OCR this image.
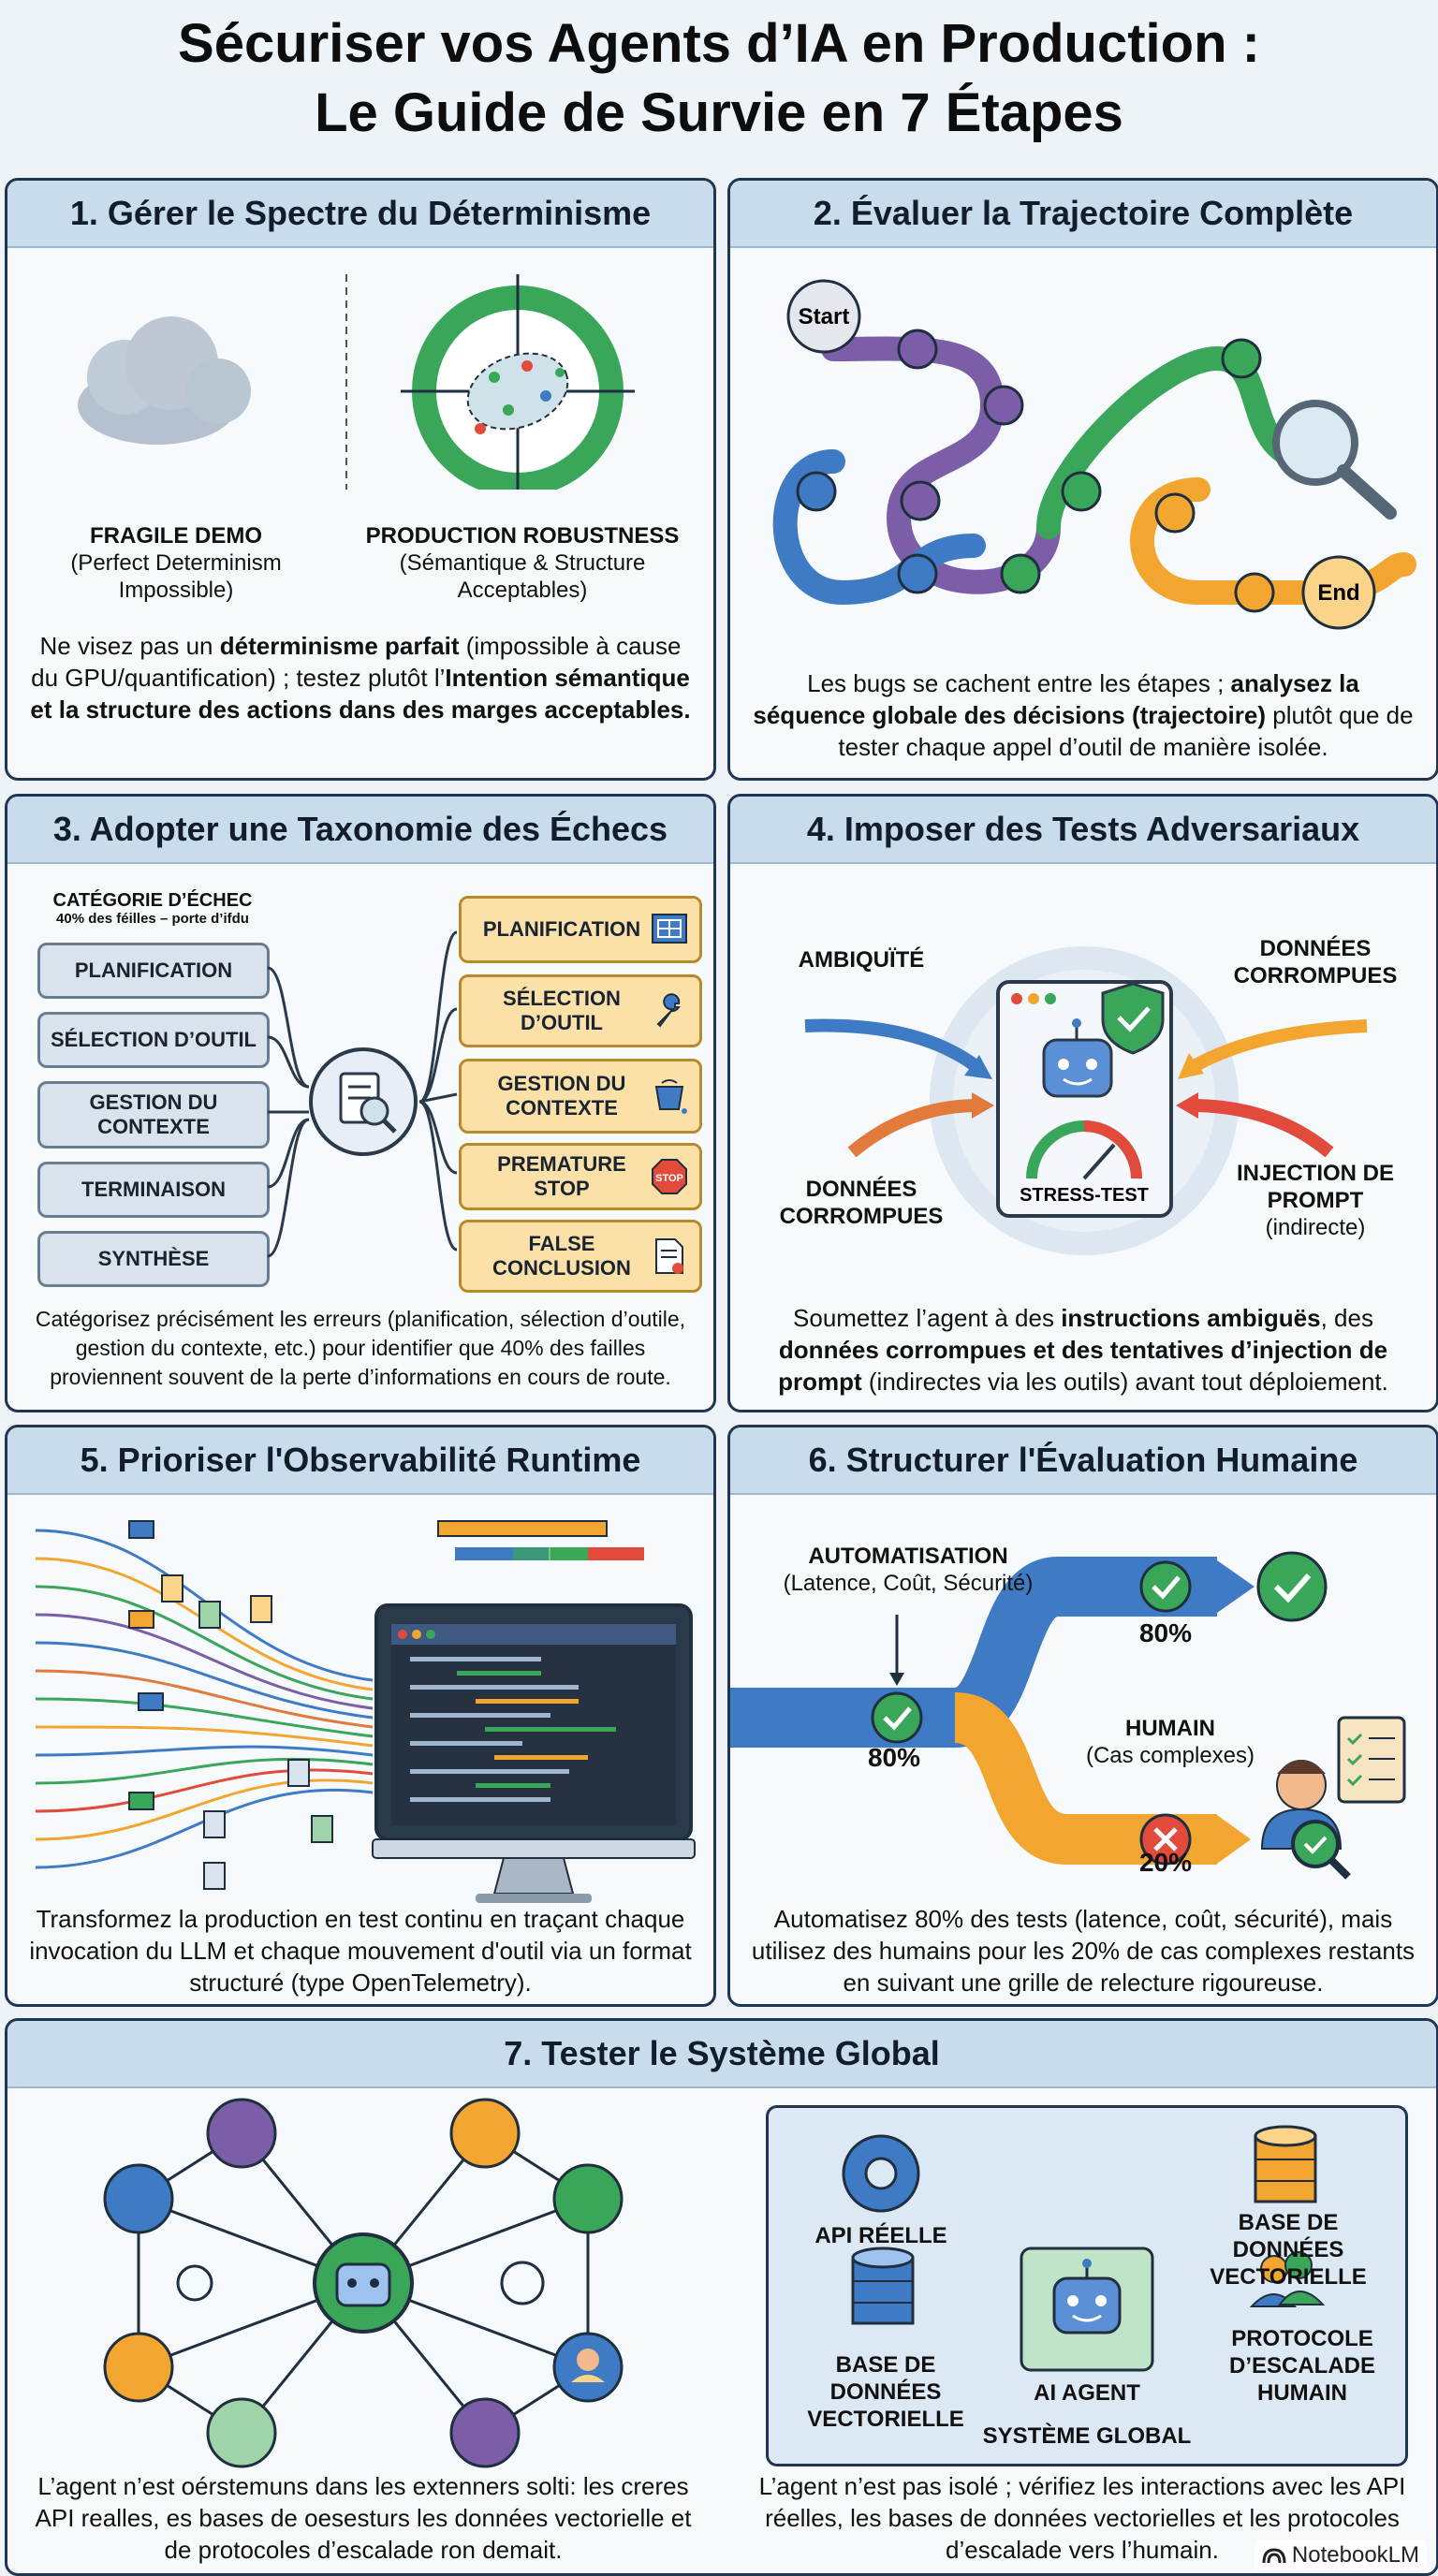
Sécuriser vos Agents d’IA en Production :
Le Guide de Survie en 7 Étapes
1. Gérer le Spectre du Déterminisme
FRAGILE DEMO
(Perfect Determinism Impossible)
PRODUCTION ROBUSTNESS
(Sémantique & Structure Acceptables)
Ne visez pas un déterminisme parfait (impossible à cause du GPU/quantification) ; testez plutôt l’Intention sémantique et la structure des actions dans des marges acceptables.
2. Évaluer la Trajectoire Complète
Start
End
Les bugs se cachent entre les étapes ; analysez la séquence globale des décisions (trajectoire) plutôt que de tester chaque appel d’outil de manière isolée.
3. Adopter une Taxonomie des Échecs
CATÉGORIE D’ÉCHEC
40% des féilles – porte d’ifdu
PLANIFICATION
SÉLECTION D’OUTIL
GESTION DU CONTEXTE
TERMINAISON
SYNTHÈSE
PLANIFICATION
SÉLECTION D’OUTIL
GESTION DU CONTEXTE
PREMATURE STOP	STOP
FALSE CONCLUSION
Catégorisez précisément les erreurs (planification, sélection d’outile, gestion du contexte, etc.) pour identifier que 40% des failles proviennent souvent de la perte d’informations en cours de route.
4. Imposer des Tests Adversariaux
STRESS-TEST
AMBIQUÏTÉ	DONNÉES CORROMPUES
DONNÉES CORROMPUES
INJECTION DE PROMPT
(indirecte)
Soumettez l’agent à des instructions ambiguës, des données corrompues et des tentatives d’injection de prompt (indirectes via les outils) avant tout déploiement.
5. Prioriser l'Observabilité Runtime
Transformez la production en test continu en traçant chaque invocation du LLM et chaque mouvement d'outil via un format structuré (type OpenTelemetry).
6. Structurer l'Évaluation Humaine
AUTOMATISATION
(Latence, Coût, Sécurité)
80%
80%
HUMAIN
(Cas complexes)
20%
Automatisez 80% des tests (latence, coût, sécurité), mais utilisez des humains pour les 20% de cas complexes restants en suivant une grille de relecture rigoureuse.
7. Tester le Système Global
L’agent n’est oérstemuns dans les extenners solti: les creres API realles, es bases de oesesturs les données vectorielle et de protocoles d’escalade ron demait.
API RÉELLE
BASE DE DONNÉES VECTORIELLE
AI AGENT
BASE DE DONNÉES VECTORIELLE
PROTOCOLE D’ESCALADE HUMAIN
SYSTÈME GLOBAL
L’agent n’est pas isolé ; vérifiez les interactions avec les API réelles, les bases de données vectorielles et les protocoles d’escalade vers l’humain.	NotebookLM
